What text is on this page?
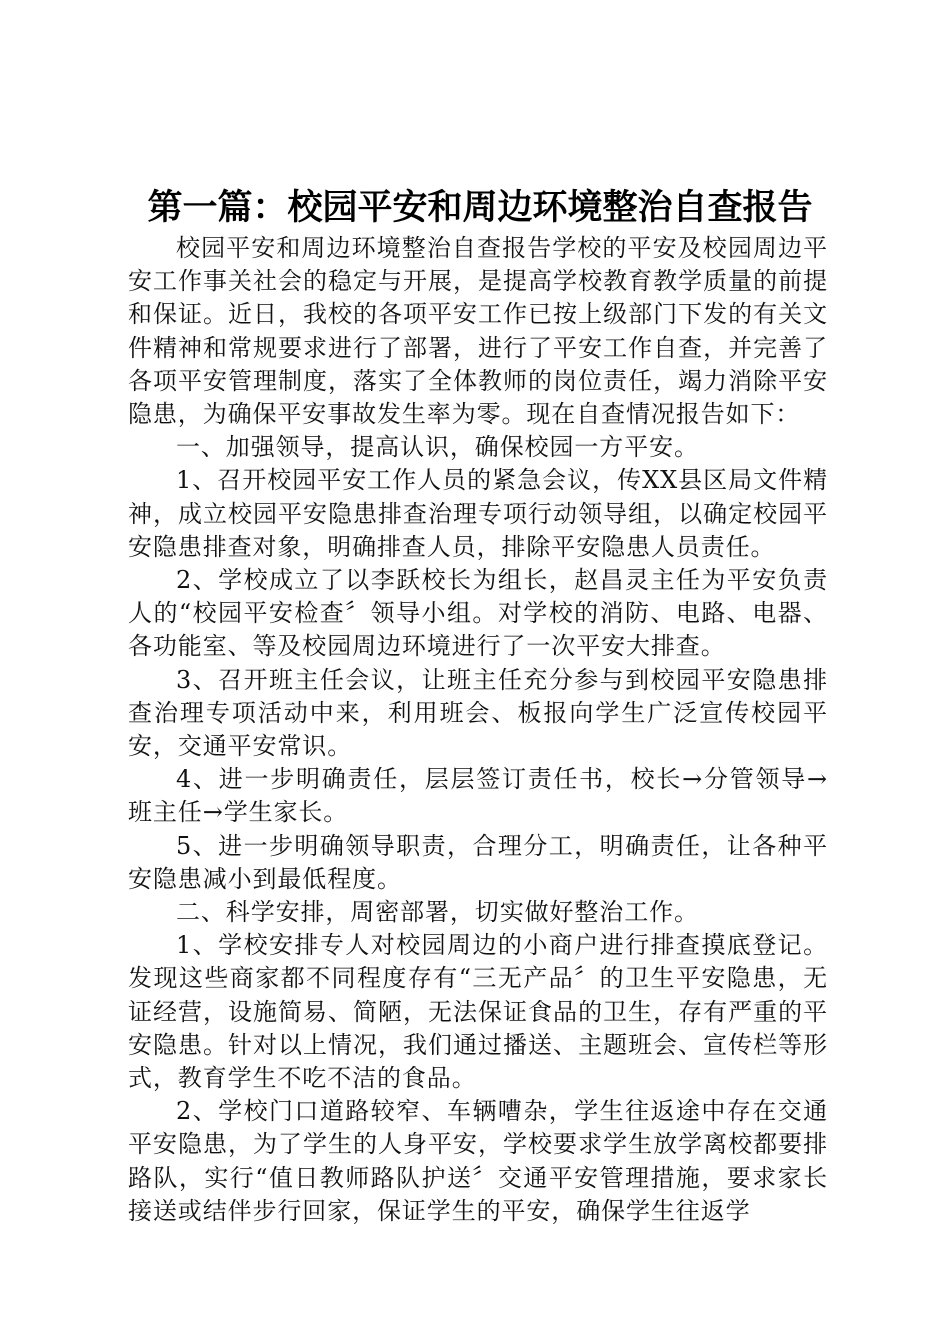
第一篇：校园平安和周边环境整治自查报告

校园平安和周边环境整治自查报告学校的平安及校园周边平安工作事关社会的稳定与开展，是提高学校教育教学质量的前提和保证。近日，我校的各项平安工作已按上级部门下发的有关文件精神和常规要求进行了部署，进行了平安工作自查，并完善了各项平安管理制度，落实了全体教师的岗位责任，竭力消除平安隐患，为确保平安事故发生率为零。现在自查情况报告如下：

一、加强领导，提高认识，确保校园一方平安。

1、召开校园平安工作人员的紧急会议，传XX县区局文件精神，成立校园平安隐患排查治理专项行动领导组，以确定校园平安隐患排查对象，明确排查人员，排除平安隐患人员责任。

2、学校成立了以李跃校长为组长，赵昌灵主任为平安负责人的“校园平安检查〞领导小组。对学校的消防、电路、电器、各功能室、等及校园周边环境进行了一次平安大排查。

3、召开班主任会议，让班主任充分参与到校园平安隐患排查治理专项活动中来，利用班会、板报向学生广泛宣传校园平安，交通平安常识。

4、进一步明确责任，层层签订责任书，校长→分管领导→班主任→学生家长。

5、进一步明确领导职责，合理分工，明确责任，让各种平安隐患减小到最低程度。

二、科学安排，周密部署，切实做好整治工作。

1、学校安排专人对校园周边的小商户进行排查摸底登记。发现这些商家都不同程度存有“三无产品〞的卫生平安隐患，无证经营，设施简易、简陋，无法保证食品的卫生，存有严重的平安隐患。针对以上情况，我们通过播送、主题班会、宣传栏等形式，教育学生不吃不洁的食品。

2、学校门口道路较窄、车辆嘈杂，学生往返途中存在交通平安隐患，为了学生的人身平安，学校要求学生放学离校都要排路队，实行“值日教师路队护送〞交通平安管理措施，要求家长接送或结伴步行回家，保证学生的平安，确保学生往返学
